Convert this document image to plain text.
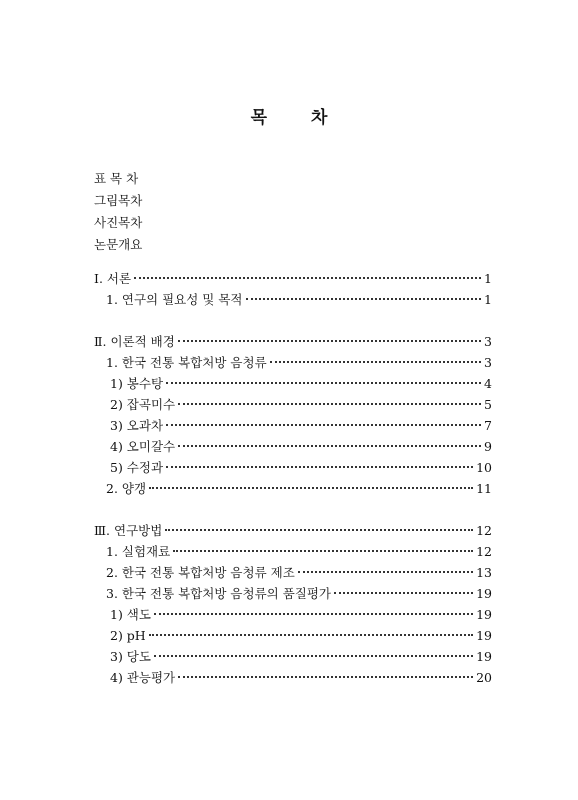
목	차
표 목 차
그림목차
사진목차
논문개요
Ⅰ. 서론	1
1. 연구의 필요성 및 목적	1
Ⅱ. 이론적 배경	3
1. 한국 전통 복합처방 음청류	3
1) 봉수탕	4
2) 잡곡미수	5
3) 오과차	7
4) 오미갈수	9
5) 수정과	10
2. 양갱	11
Ⅲ. 연구방법	12
1. 실험재료	12
2. 한국 전통 복합처방 음청류 제조	13
3. 한국 전통 복합처방 음청류의 품질평가	19
1) 색도	19
2) pH	19
3) 당도	19
4) 관능평가	20
